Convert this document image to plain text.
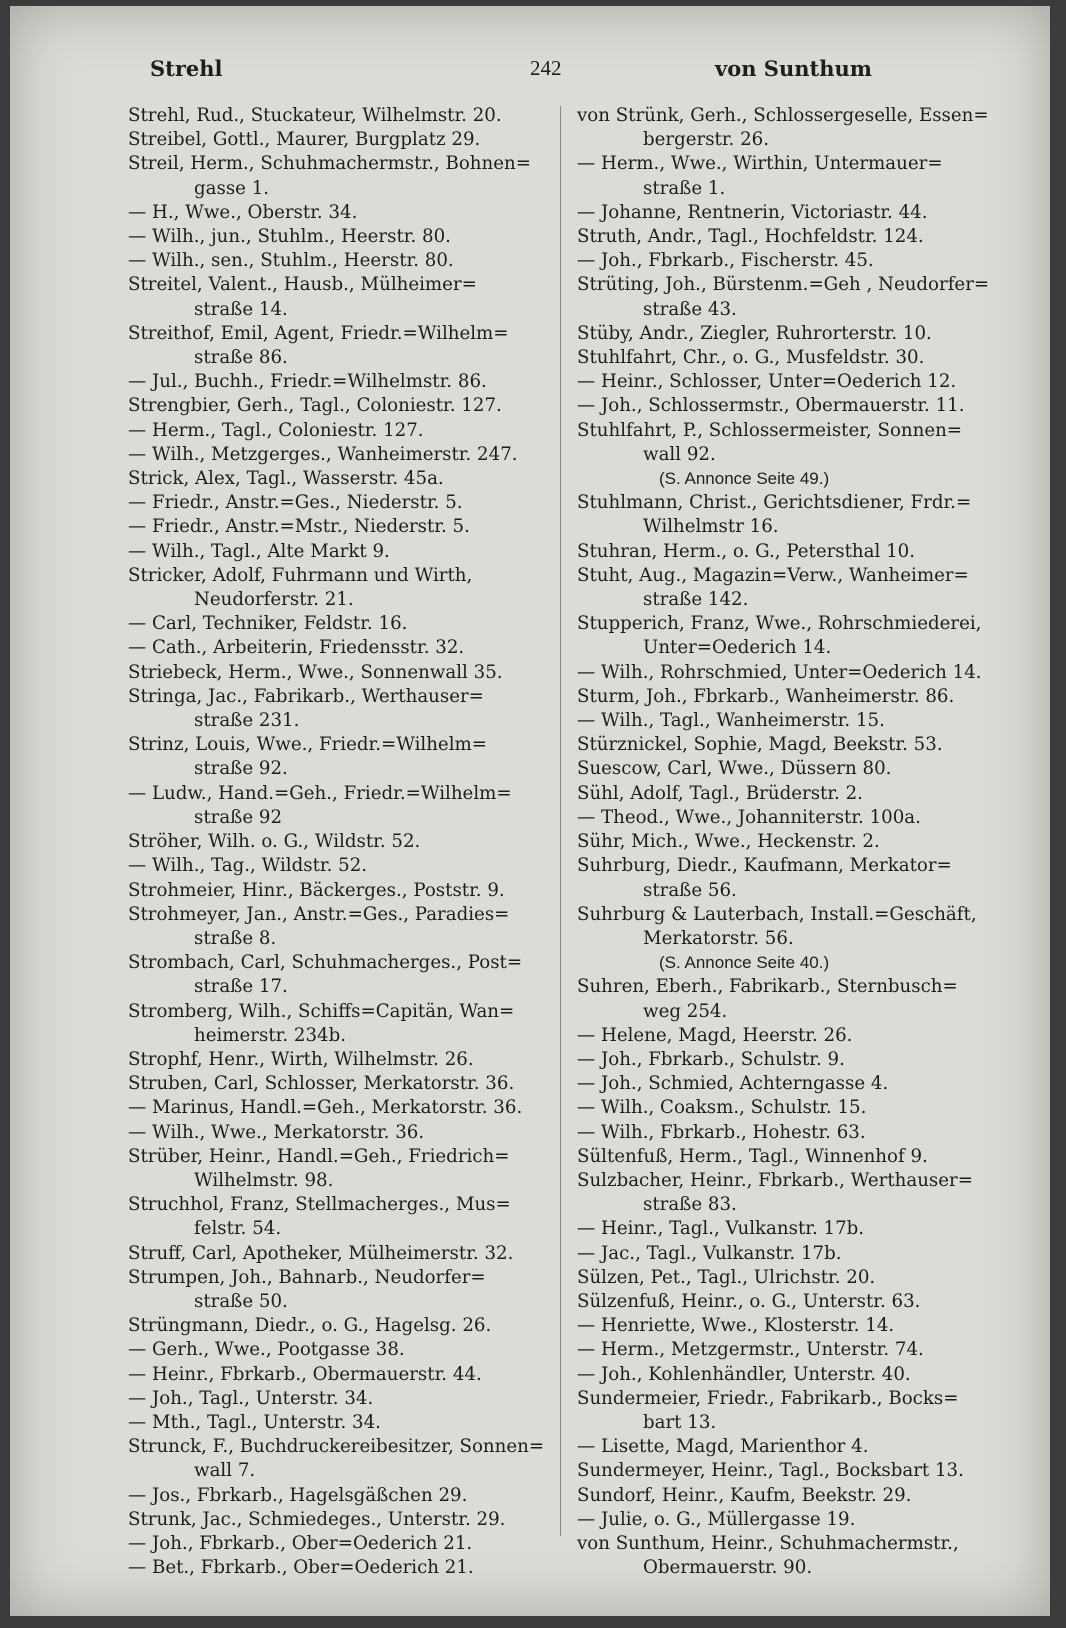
Strehl	242	von Sunthum
Strehl, Rud., Stuckateur, Wilhelmstr. 20.
Streibel, Gottl., Maurer, Burgplatz 29.
Streil, Herm., Schuhmachermstr., Bohnen=
gasse 1.
— H., Wwe., Oberstr. 34.
— Wilh., jun., Stuhlm., Heerstr. 80.
— Wilh., sen., Stuhlm., Heerstr. 80.
Streitel, Valent., Hausb., Mülheimer=
straße 14.
Streithof, Emil, Agent, Friedr.=Wilhelm=
straße 86.
— Jul., Buchh., Friedr.=Wilhelmstr. 86.
Strengbier, Gerh., Tagl., Coloniestr. 127.
— Herm., Tagl., Coloniestr. 127.
— Wilh., Metzgerges., Wanheimerstr. 247.
Strick, Alex, Tagl., Wasserstr. 45a.
— Friedr., Anstr.=Ges., Niederstr. 5.
— Friedr., Anstr.=Mstr., Niederstr. 5.
— Wilh., Tagl., Alte Markt 9.
Stricker, Adolf, Fuhrmann und Wirth,
Neudorferstr. 21.
— Carl, Techniker, Feldstr. 16.
— Cath., Arbeiterin, Friedensstr. 32.
Striebeck, Herm., Wwe., Sonnenwall 35.
Stringa, Jac., Fabrikarb., Werthauser=
straße 231.
Strinz, Louis, Wwe., Friedr.=Wilhelm=
straße 92.
— Ludw., Hand.=Geh., Friedr.=Wilhelm=
straße 92
Ströher, Wilh. o. G., Wildstr. 52.
— Wilh., Tag., Wildstr. 52.
Strohmeier, Hinr., Bäckerges., Poststr. 9.
Strohmeyer, Jan., Anstr.=Ges., Paradies=
straße 8.
Strombach, Carl, Schuhmacherges., Post=
straße 17.
Stromberg, Wilh., Schiffs=Capitän, Wan=
heimerstr. 234b.
Strophf, Henr., Wirth, Wilhelmstr. 26.
Struben, Carl, Schlosser, Merkatorstr. 36.
— Marinus, Handl.=Geh., Merkatorstr. 36.
— Wilh., Wwe., Merkatorstr. 36.
Strüber, Heinr., Handl.=Geh., Friedrich=
Wilhelmstr. 98.
Struchhol, Franz, Stellmacherges., Mus=
felstr. 54.
Struff, Carl, Apotheker, Mülheimerstr. 32.
Strumpen, Joh., Bahnarb., Neudorfer=
straße 50.
Strüngmann, Diedr., o. G., Hagelsg. 26.
— Gerh., Wwe., Pootgasse 38.
— Heinr., Fbrkarb., Obermauerstr. 44.
— Joh., Tagl., Unterstr. 34.
— Mth., Tagl., Unterstr. 34.
Strunck, F., Buchdruckereibesitzer, Sonnen=
wall 7.
— Jos., Fbrkarb., Hagelsgäßchen 29.
Strunk, Jac., Schmiedeges., Unterstr. 29.
— Joh., Fbrkarb., Ober=Oederich 21.
— Bet., Fbrkarb., Ober=Oederich 21.
von Strünk, Gerh., Schlossergeselle, Essen=
bergerstr. 26.
— Herm., Wwe., Wirthin, Untermauer=
straße 1.
— Johanne, Rentnerin, Victoriastr. 44.
Struth, Andr., Tagl., Hochfeldstr. 124.
— Joh., Fbrkarb., Fischerstr. 45.
Strüting, Joh., Bürstenm.=Geh , Neudorfer=
straße 43.
Stüby, Andr., Ziegler, Ruhrorterstr. 10.
Stuhlfahrt, Chr., o. G., Musfeldstr. 30.
— Heinr., Schlosser, Unter=Oederich 12.
— Joh., Schlossermstr., Obermauerstr. 11.
Stuhlfahrt, P., Schlossermeister, Sonnen=
wall 92.
(S. Annonce Seite 49.)
Stuhlmann, Christ., Gerichtsdiener, Frdr.=
Wilhelmstr 16.
Stuhran, Herm., o. G., Petersthal 10.
Stuht, Aug., Magazin=Verw., Wanheimer=
straße 142.
Stupperich, Franz, Wwe., Rohrschmiederei,
Unter=Oederich 14.
— Wilh., Rohrschmied, Unter=Oederich 14.
Sturm, Joh., Fbrkarb., Wanheimerstr. 86.
— Wilh., Tagl., Wanheimerstr. 15.
Stürznickel, Sophie, Magd, Beekstr. 53.
Suescow, Carl, Wwe., Düssern 80.
Sühl, Adolf, Tagl., Brüderstr. 2.
— Theod., Wwe., Johanniterstr. 100a.
Sühr, Mich., Wwe., Heckenstr. 2.
Suhrburg, Diedr., Kaufmann, Merkator=
straße 56.
Suhrburg & Lauterbach, Install.=Geschäft,
Merkatorstr. 56.
(S. Annonce Seite 40.)
Suhren, Eberh., Fabrikarb., Sternbusch=
weg 254.
— Helene, Magd, Heerstr. 26.
— Joh., Fbrkarb., Schulstr. 9.
— Joh., Schmied, Achterngasse 4.
— Wilh., Coaksm., Schulstr. 15.
— Wilh., Fbrkarb., Hohestr. 63.
Sültenfuß, Herm., Tagl., Winnenhof 9.
Sulzbacher, Heinr., Fbrkarb., Werthauser=
straße 83.
— Heinr., Tagl., Vulkanstr. 17b.
— Jac., Tagl., Vulkanstr. 17b.
Sülzen, Pet., Tagl., Ulrichstr. 20.
Sülzenfuß, Heinr., o. G., Unterstr. 63.
— Henriette, Wwe., Klosterstr. 14.
— Herm., Metzgermstr., Unterstr. 74.
— Joh., Kohlenhändler, Unterstr. 40.
Sundermeier, Friedr., Fabrikarb., Bocks=
bart 13.
— Lisette, Magd, Marienthor 4.
Sundermeyer, Heinr., Tagl., Bocksbart 13.
Sundorf, Heinr., Kaufm, Beekstr. 29.
— Julie, o. G., Müllergasse 19.
von Sunthum, Heinr., Schuhmachermstr.,
Obermauerstr. 90.
